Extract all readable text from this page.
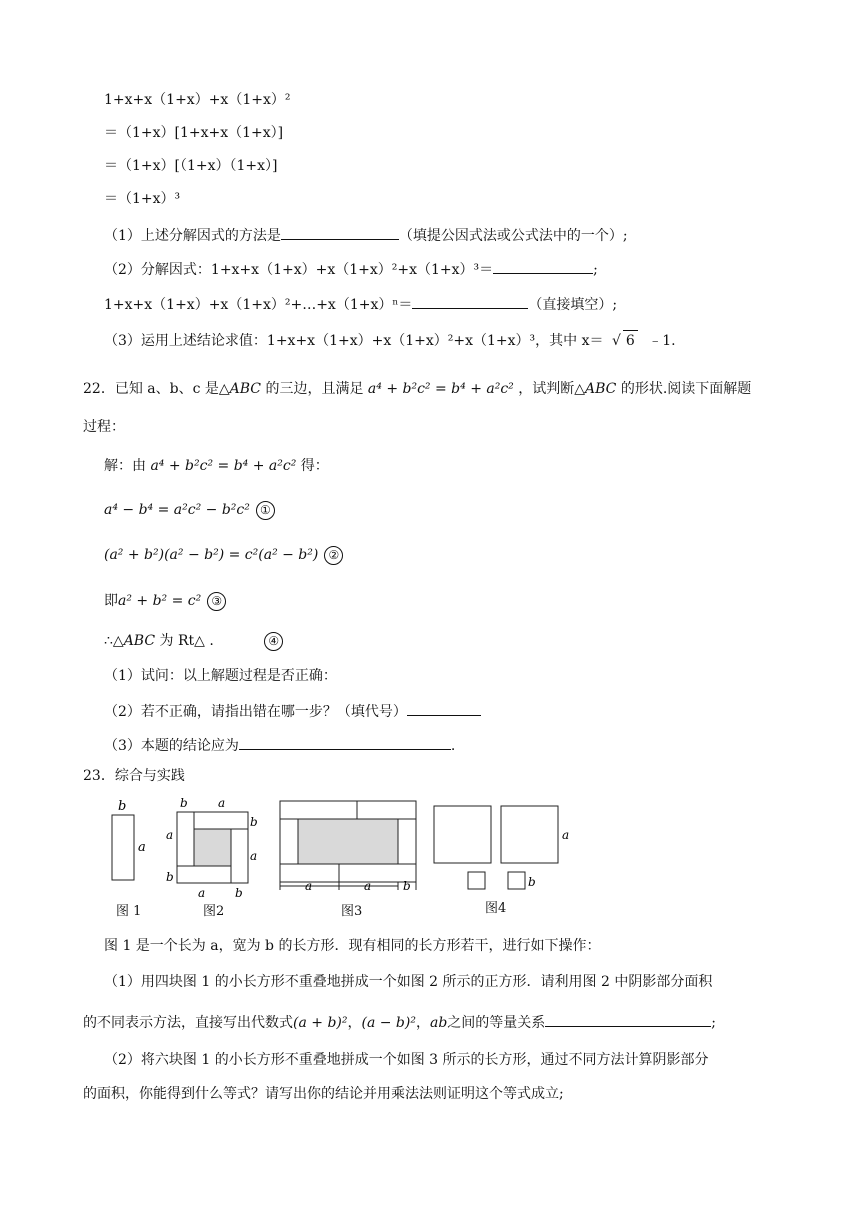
1+x+x（1+x）+x（1+x）²
＝（1+x）[1+x+x（1+x）]
＝（1+x）[（1+x）（1+x）]
＝（1+x）³
（1）上述分解因式的方法是	（填提公因式法或公式法中的一个）;
（2）分解因式：1+x+x（1+x）+x（1+x）²+x（1+x）³＝	;
1+x+x（1+x）+x（1+x）²+…+x（1+x）ⁿ＝	（直接填空）;
（3）运用上述结论求值：1+x+x（1+x）+x（1+x）²+x（1+x）³，其中 x＝ √ 6 ﹣1.
22．已知 a、b、c 是△ABC 的三边，且满足 a⁴ + b²c² = b⁴ + a²c² ，试判断△ABC 的形状.阅读下面解题
过程：
解：由 a⁴ + b²c² = b⁴ + a²c² 得：
a⁴ − b⁴ = a²c² − b²c² ①
(a² + b²)(a² − b²) = c²(a² − b²) ②
即a² + b² = c² ③
∴△ABC 为 Rt△ .	④
（1）试问：以上解题过程是否正确：
（2）若不正确，请指出错在哪一步？（填代号）
（3）本题的结论应为	.
23．综合与实践
b
a
b	a
b
a
a
b
a b	a	a	b
a
b
图 1	图2	图3	图4
图 1 是一个长为 a，宽为 b 的长方形．现有相同的长方形若干，进行如下操作：
（1）用四块图 1 的小长方形不重叠地拼成一个如图 2 所示的正方形．请利用图 2 中阴影部分面积
的不同表示方法，直接写出代数式(a + b)²，(a − b)²，ab之间的等量关系	;
（2）将六块图 1 的小长方形不重叠地拼成一个如图 3 所示的长方形，通过不同方法计算阴影部分
的面积，你能得到什么等式？请写出你的结论并用乘法法则证明这个等式成立;
